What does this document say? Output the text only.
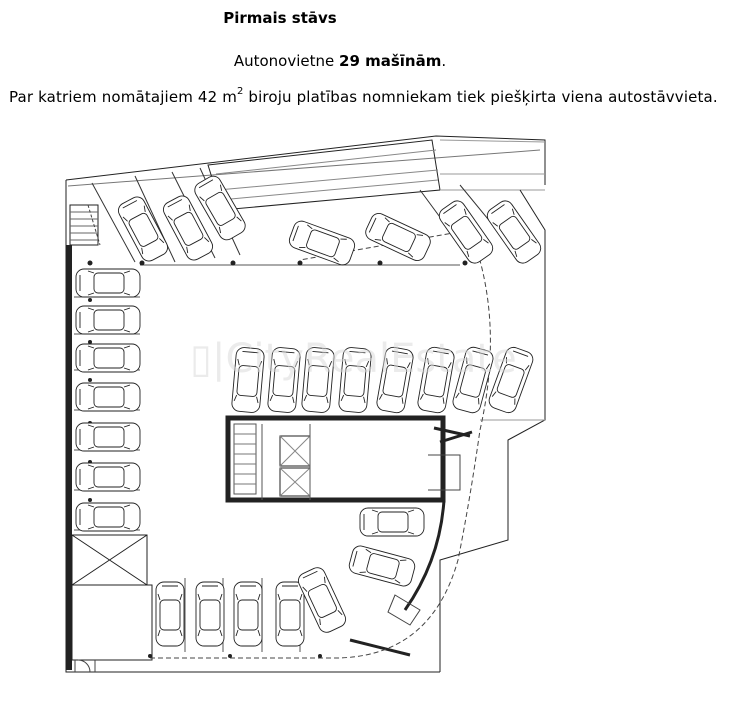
Pirmais stāvs
Autonovietne 29 mašīnām.
Par katriem nomātajiem 42 $m^2$ biroju platības nomniekam tiek piešķirta viena autostāvvieta.
▯|CityRealEstate
